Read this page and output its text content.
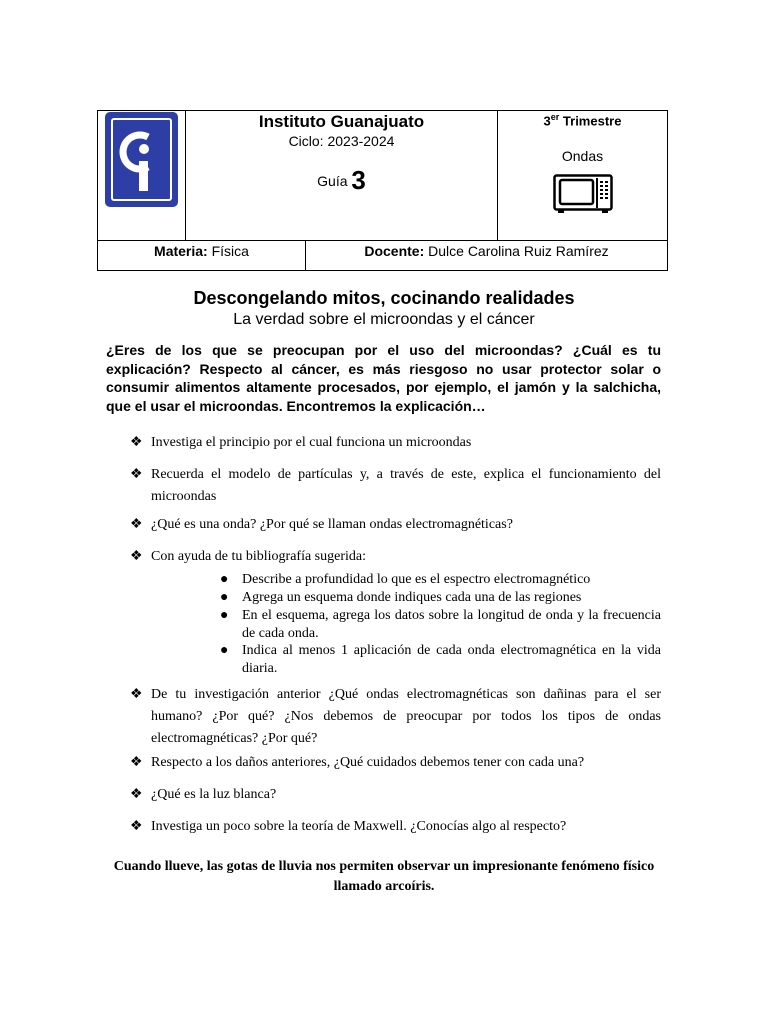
Instituto Guanajuato
Ciclo: 2023-2024
Guía 3
3er Trimestre
Ondas
Materia: Física	Docente: Dulce Carolina Ruiz Ramírez
Descongelando mitos, cocinando realidades
La verdad sobre el microondas y el cáncer
¿Eres de los que se preocupan por el uso del microondas? ¿Cuál es tu explicación? Respecto al cáncer, es más riesgoso no usar protector solar o consumir alimentos altamente procesados, por ejemplo, el jamón y la salchicha, que el usar el microondas. Encontremos la explicación…
❖ Investiga el principio por el cual funciona un microondas
❖ Recuerda el modelo de partículas y, a través de este, explica el funcionamiento del microondas
❖ ¿Qué es una onda? ¿Por qué se llaman ondas electromagnéticas?
❖ Con ayuda de tu bibliografía sugerida:
● Describe a profundidad lo que es el espectro electromagnético
● Agrega un esquema donde indiques cada una de las regiones
● En el esquema, agrega los datos sobre la longitud de onda y la frecuencia de cada onda.
● Indica al menos 1 aplicación de cada onda electromagnética en la vida diaria.
❖ De tu investigación anterior ¿Qué ondas electromagnéticas son dañinas para el ser humano? ¿Por qué? ¿Nos debemos de preocupar por todos los tipos de ondas electromagnéticas? ¿Por qué?
❖ Respecto a los daños anteriores, ¿Qué cuidados debemos tener con cada una?
❖ ¿Qué es la luz blanca?
❖ Investiga un poco sobre la teoría de Maxwell. ¿Conocías algo al respecto?
Cuando llueve, las gotas de lluvia nos permiten observar un impresionante fenómeno físico llamado arcoíris.
